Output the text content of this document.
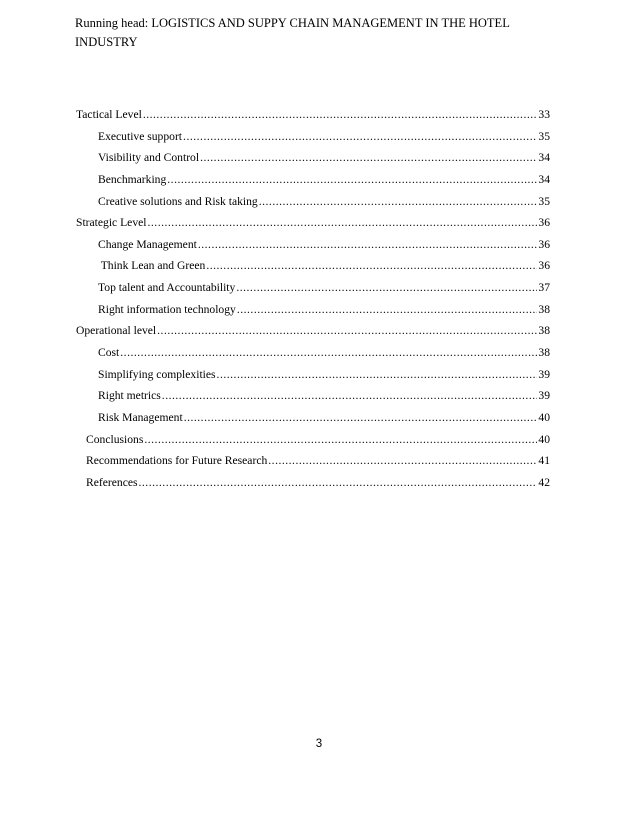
Running head: LOGISTICS AND SUPPY CHAIN MANAGEMENT IN THE HOTEL INDUSTRY
Tactical Level .....	33
Executive support .....	35
Visibility and Control .....	34
Benchmarking .....	34
Creative solutions and Risk taking .....	35
Strategic Level .....	36
Change Management .....	36
Think Lean and Green .....	36
Top talent and Accountability .....	37
Right information technology .....	38
Operational level .....	38
Cost .....	38
Simplifying complexities .....	39
Right metrics .....	39
Risk Management .....	40
Conclusions .....	40
Recommendations for Future Research .....	41
References .....	42
3
